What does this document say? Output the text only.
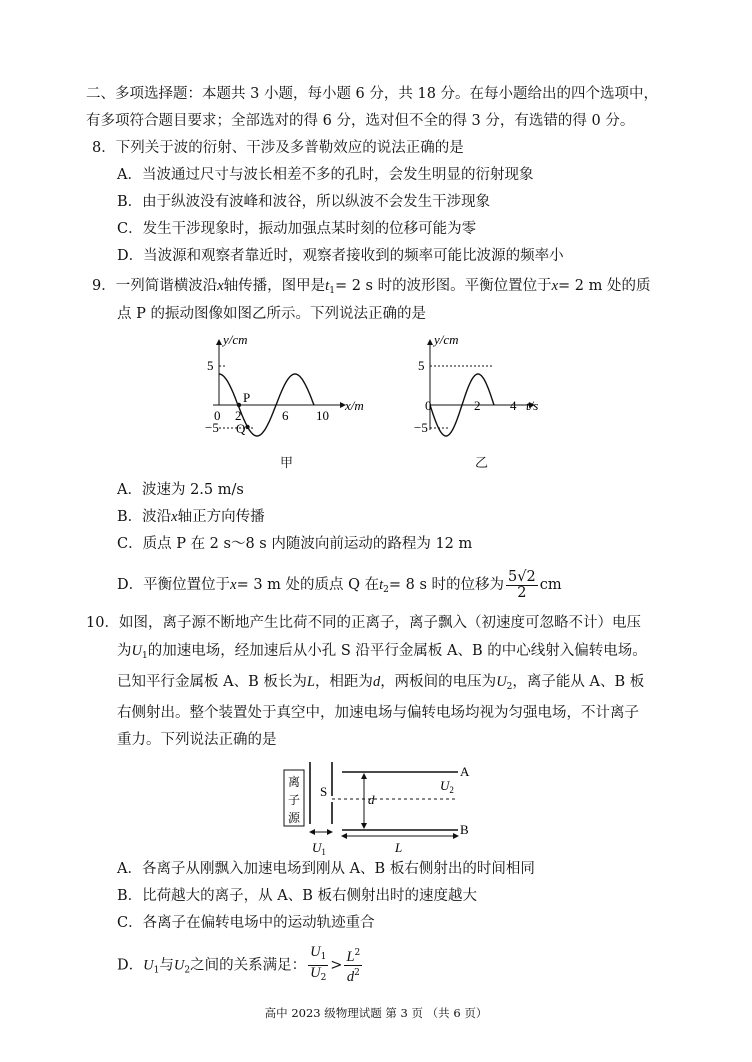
二、多项选择题：本题共 3 小题，每小题 6 分，共 18 分。在每小题给出的四个选项中，
有多项符合题目要求；全部选对的得 6 分，选对但不全的得 3 分，有选错的得 0 分。
8．下列关于波的衍射、干涉及多普勒效应的说法正确的是
A．当波通过尺寸与波长相差不多的孔时，会发生明显的衍射现象
B．由于纵波没有波峰和波谷，所以纵波不会发生干涉现象
C．发生干涉现象时，振动加强点某时刻的位移可能为零
D．当波源和观察者靠近时，观察者接收到的频率可能比波源的频率小
9．一列简谐横波沿x轴传播，图甲是$t_1= 2$ s 时的波形图。平衡位置位于x= 2 m 处的质
点 P 的振动图像如图乙所示。下列说法正确的是
y/cm
x/m
5
−5
0 2	6 10
P
Q
y/cm
t/s
5
−5
0	2 4
甲	乙
A．波速为 2.5 m/s
B．波沿x轴正方向传播
C．质点 P 在 2 s～8 s 内随波向前运动的路程为 12 m
D．平衡位置位于x= 3 m 处的质点 Q 在$t_2= 8$ s 时的位移为 $\frac{5√2}{2}$ cm
10．如图，离子源不断地产生比荷不同的正离子，离子飘入（初速度可忽略不计）电压
为$U_1$的加速电场，经加速后从小孔 S 沿平行金属板 A、B 的中心线射入偏转电场。
已知平行金属板 A、B 板长为L，相距为d，两板间的电压为$U_2$，离子能从 A、B 板
右侧射出。整个装置处于真空中，加速电场与偏转电场均视为匀强电场，不计离子
重力。下列说法正确的是
离
子
源
S
A
B
d
L
$U_2$
$U_1$
A．各离子从刚飘入加速电场到刚从 A、B 板右侧射出的时间相同
B．比荷越大的离子，从 A、B 板右侧射出时的速度越大
C．各离子在偏转电场中的运动轨迹重合
D．$U_1$与$U_2$之间的关系满足： $\frac{U_1}{U_2} > \frac{L^2}{d^2}$
高中 2023 级物理试题 第 3 页 （共 6 页）
